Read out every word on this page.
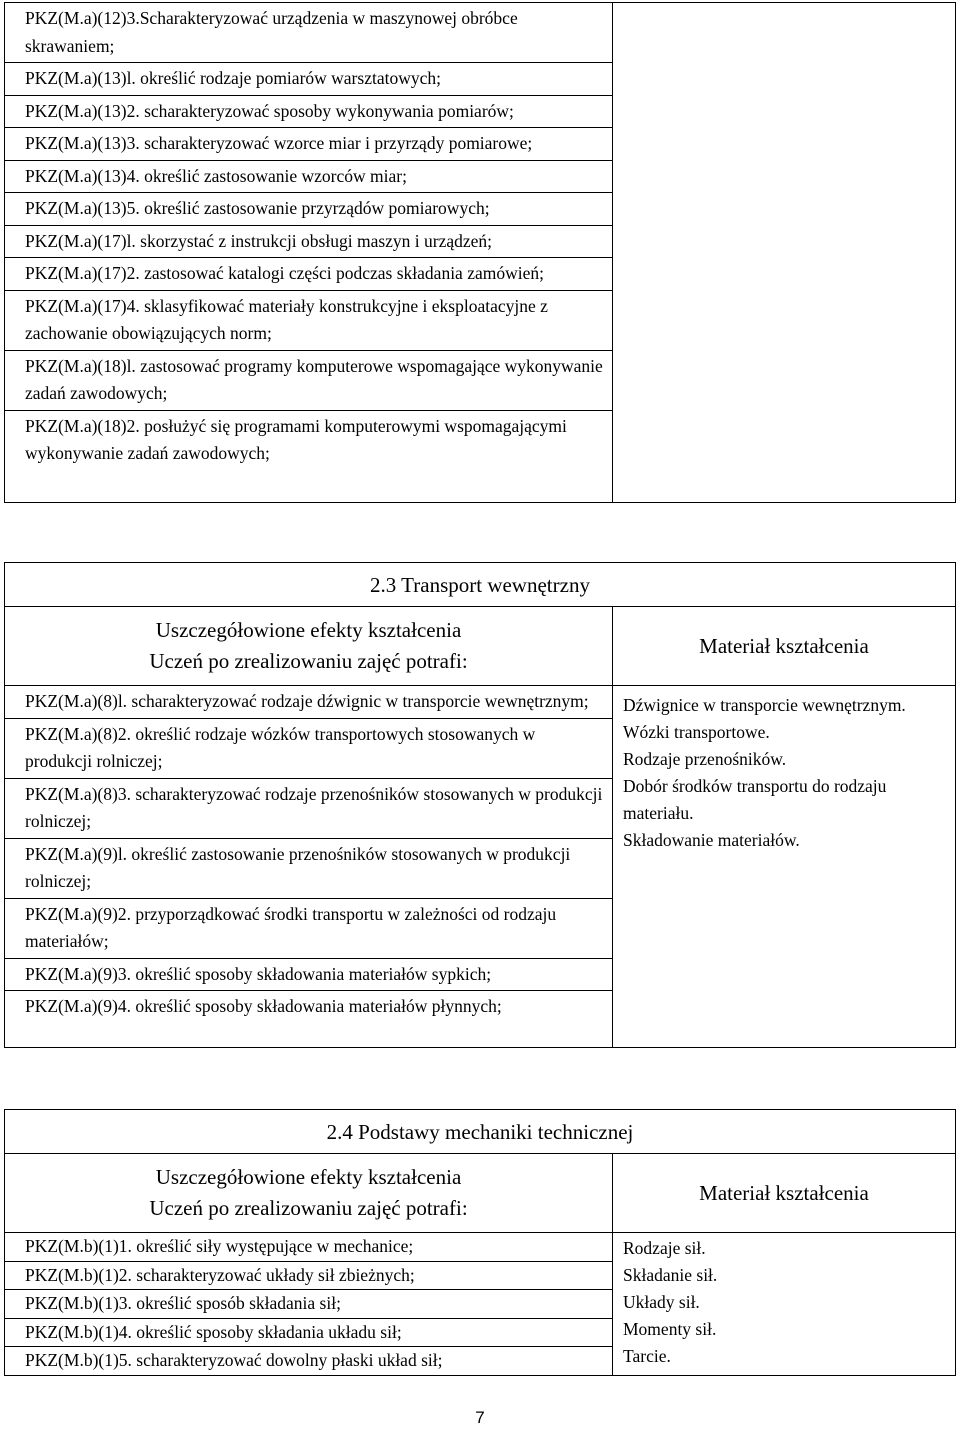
PKZ(M.a)(12)3.Scharakteryzować urządzenia w maszynowej obróbce skrawaniem;
PKZ(M.a)(13)l. określić rodzaje pomiarów warsztatowych;
PKZ(M.a)(13)2. scharakteryzować sposoby wykonywania pomiarów;
PKZ(M.a)(13)3. scharakteryzować wzorce miar i przyrządy pomiarowe;
PKZ(M.a)(13)4. określić zastosowanie wzorców miar;
PKZ(M.a)(13)5. określić zastosowanie przyrządów pomiarowych;
PKZ(M.a)(17)l. skorzystać z instrukcji obsługi maszyn i urządzeń;
PKZ(M.a)(17)2. zastosować katalogi części podczas składania zamówień;
PKZ(M.a)(17)4. sklasyfikować materiały konstrukcyjne i eksploatacyjne z zachowanie obowiązujących norm;
PKZ(M.a)(18)l. zastosować programy komputerowe wspomagające wykonywanie zadań zawodowych;
PKZ(M.a)(18)2. posłużyć się programami komputerowymi wspomagającymi wykonywanie zadań zawodowych;
2.3 Transport wewnętrzny
Uszczegółowione efekty kształcenia
Uczeń po zrealizowaniu zajęć potrafi:
Materiał kształcenia
PKZ(M.a)(8)l. scharakteryzować rodzaje dźwignic w transporcie wewnętrznym;
PKZ(M.a)(8)2. określić rodzaje wózków transportowych stosowanych w produkcji rolniczej;
PKZ(M.a)(8)3. scharakteryzować rodzaje przenośników stosowanych w produkcji rolniczej;
PKZ(M.a)(9)l. określić zastosowanie przenośników stosowanych w produkcji rolniczej;
PKZ(M.a)(9)2. przyporządkować środki transportu w zależności od rodzaju materiałów;
PKZ(M.a)(9)3. określić sposoby składowania materiałów sypkich;
PKZ(M.a)(9)4. określić sposoby składowania materiałów płynnych;
Dźwignice w transporcie wewnętrznym.
Wózki transportowe.
Rodzaje przenośników.
Dobór środków transportu do rodzaju materiału.
Składowanie materiałów.
2.4 Podstawy mechaniki technicznej
Uszczegółowione efekty kształcenia
Uczeń po zrealizowaniu zajęć potrafi:
Materiał kształcenia
PKZ(M.b)(1)1. określić siły występujące w mechanice;
PKZ(M.b)(1)2. scharakteryzować układy sił zbieżnych;
PKZ(M.b)(1)3. określić sposób składania sił;
PKZ(M.b)(1)4. określić sposoby składania układu sił;
PKZ(M.b)(1)5. scharakteryzować dowolny płaski układ sił;
Rodzaje sił.
Składanie sił.
Układy sił.
Momenty sił.
Tarcie.
7
